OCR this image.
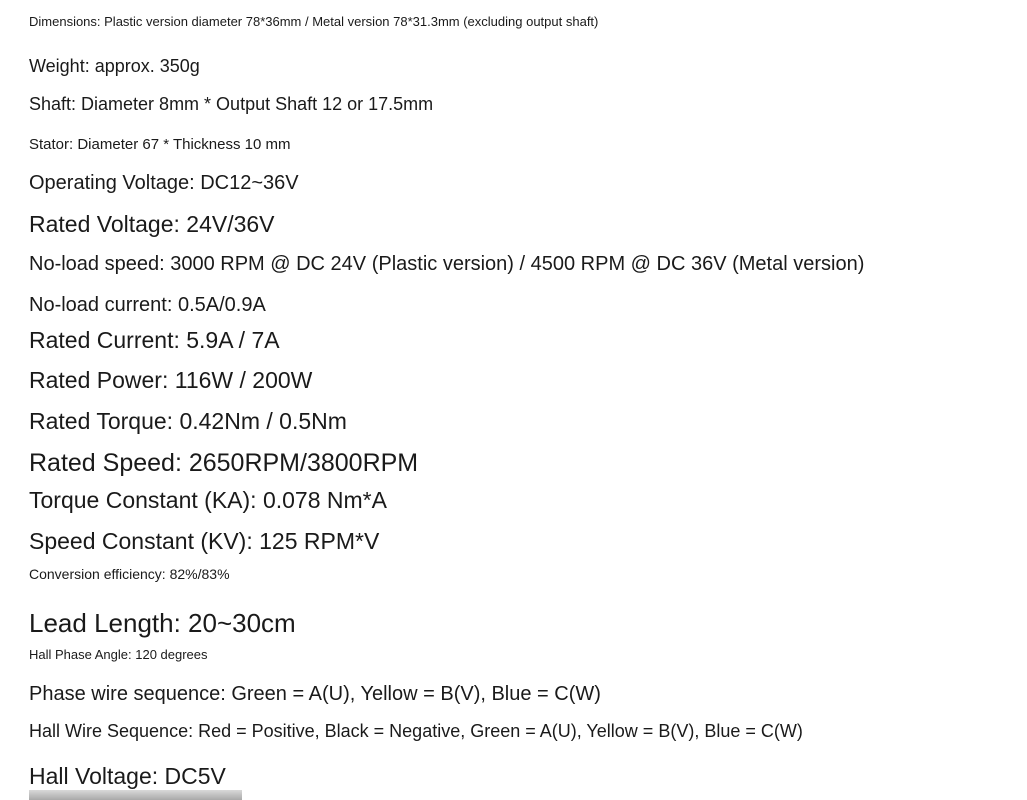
Dimensions: Plastic version diameter 78*36mm / Metal version 78*31.3mm (excluding output shaft)
Weight: approx. 350g
Shaft: Diameter 8mm * Output Shaft 12 or 17.5mm
Stator: Diameter 67 * Thickness 10 mm
Operating Voltage: DC12~36V
Rated Voltage: 24V/36V
No-load speed: 3000 RPM @ DC 24V (Plastic version) / 4500 RPM @ DC 36V (Metal version)
No-load current: 0.5A/0.9A
Rated Current: 5.9A / 7A
Rated Power: 116W / 200W
Rated Torque: 0.42Nm / 0.5Nm
Rated Speed: 2650RPM/3800RPM
Torque Constant (KA): 0.078 Nm*A
Speed Constant (KV): 125 RPM*V
Conversion efficiency: 82%/83%
Lead Length: 20~30cm
Hall Phase Angle: 120 degrees
Phase wire sequence: Green = A(U), Yellow = B(V), Blue = C(W)
Hall Wire Sequence: Red = Positive, Black = Negative, Green = A(U), Yellow = B(V), Blue = C(W)
Hall Voltage: DC5V
